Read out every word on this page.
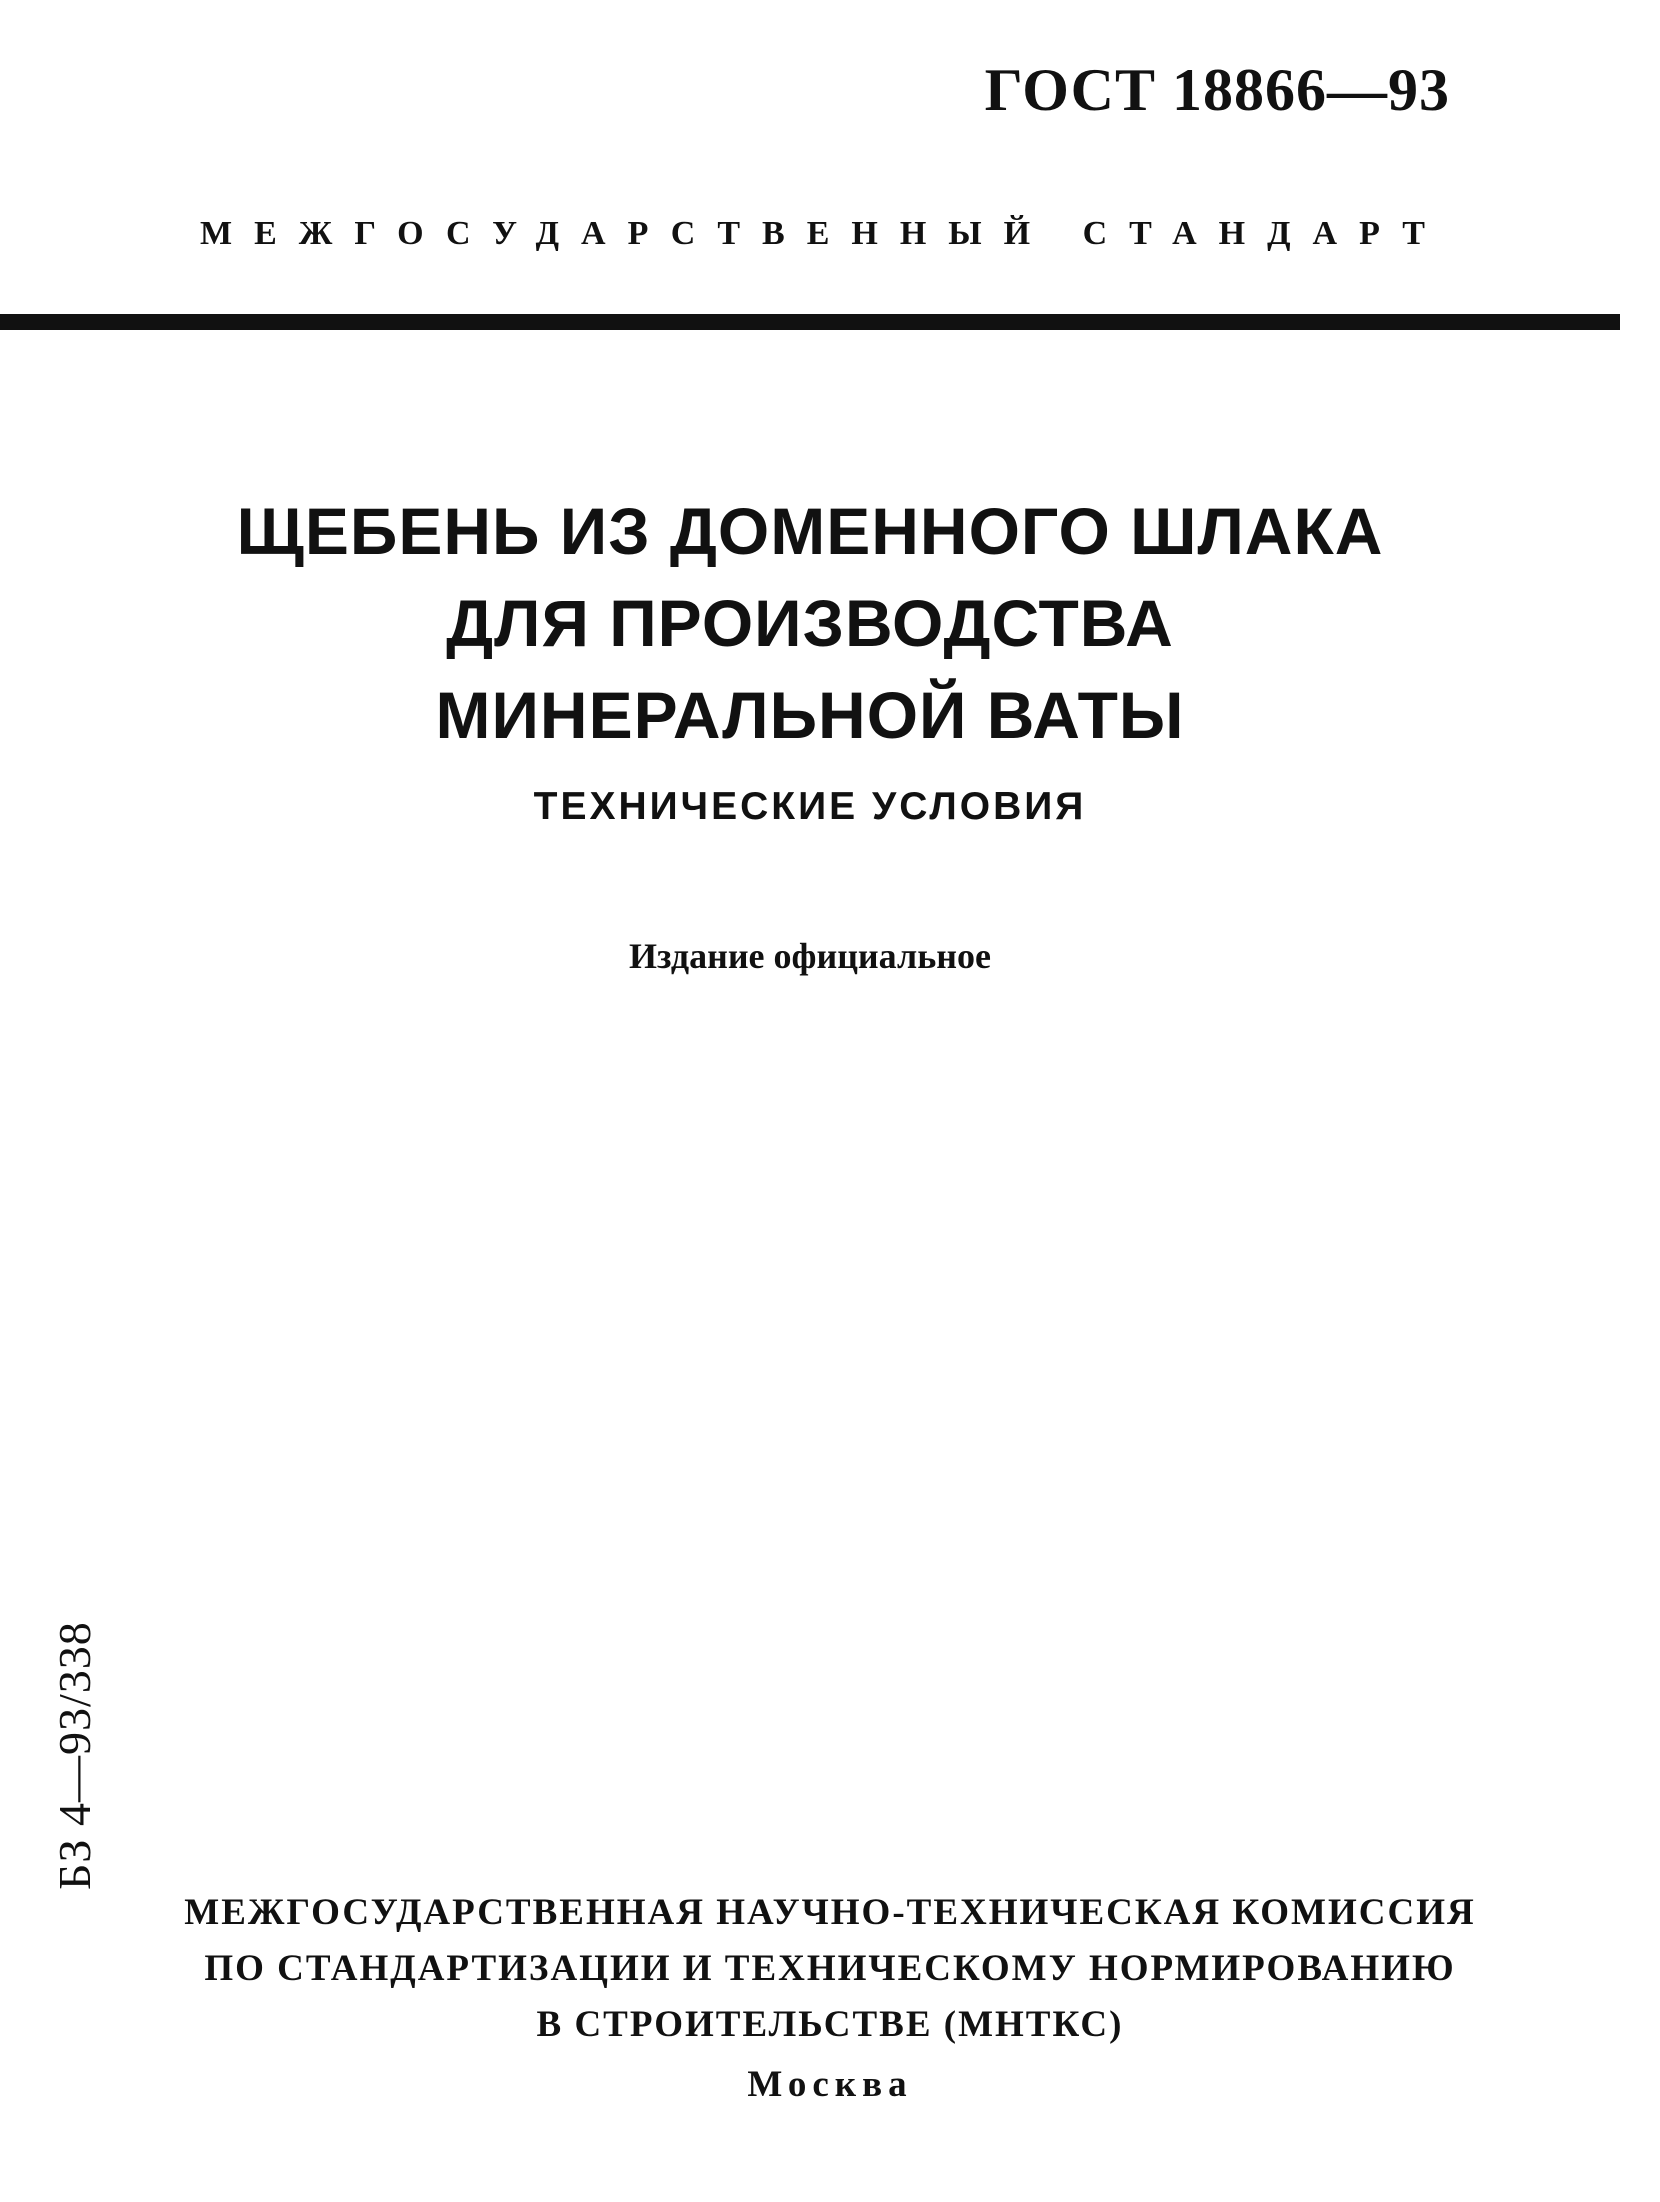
ГОСТ 18866—93
МЕЖГОСУДАРСТВЕННЫЙ СТАНДАРТ
ЩЕБЕНЬ ИЗ ДОМЕННОГО ШЛАКА
ДЛЯ ПРОИЗВОДСТВА
МИНЕРАЛЬНОЙ ВАТЫ
ТЕХНИЧЕСКИЕ УСЛОВИЯ
Издание официальное
БЗ 4—93/338
МЕЖГОСУДАРСТВЕННАЯ НАУЧНО-ТЕХНИЧЕСКАЯ КОМИССИЯ
ПО СТАНДАРТИЗАЦИИ И ТЕХНИЧЕСКОМУ НОРМИРОВАНИЮ
В СТРОИТЕЛЬСТВЕ (МНТКС)
Москва
